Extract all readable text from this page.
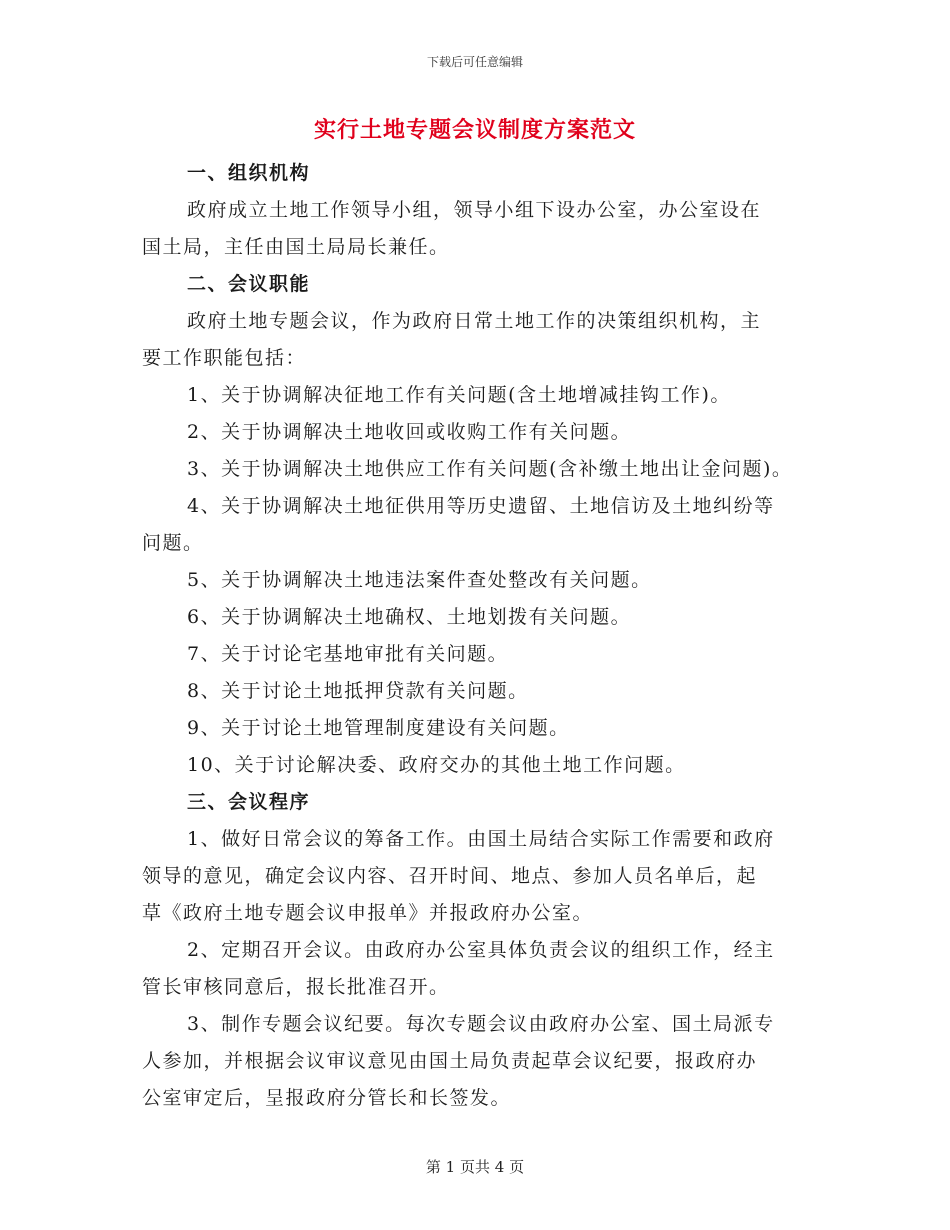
下载后可任意编辑
实行土地专题会议制度方案范文
一、组织机构
政府成立土地工作领导小组，领导小组下设办公室，办公室设在
国土局，主任由国土局局长兼任。
二、会议职能
政府土地专题会议，作为政府日常土地工作的决策组织机构，主
要工作职能包括：
1、关于协调解决征地工作有关问题(含土地增减挂钩工作)。
2、关于协调解决土地收回或收购工作有关问题。
3、关于协调解决土地供应工作有关问题(含补缴土地出让金问题)。
4、关于协调解决土地征供用等历史遗留、土地信访及土地纠纷等
问题。
5、关于协调解决土地违法案件查处整改有关问题。
6、关于协调解决土地确权、土地划拨有关问题。
7、关于讨论宅基地审批有关问题。
8、关于讨论土地抵押贷款有关问题。
9、关于讨论土地管理制度建设有关问题。
10、关于讨论解决委、政府交办的其他土地工作问题。
三、会议程序
1、做好日常会议的筹备工作。由国土局结合实际工作需要和政府
领导的意见，确定会议内容、召开时间、地点、参加人员名单后，起
草《政府土地专题会议申报单》并报政府办公室。
2、定期召开会议。由政府办公室具体负责会议的组织工作，经主
管长审核同意后，报长批准召开。
3、制作专题会议纪要。每次专题会议由政府办公室、国土局派专
人参加，并根据会议审议意见由国土局负责起草会议纪要，报政府办
公室审定后，呈报政府分管长和长签发。
第 1 页共 4 页
